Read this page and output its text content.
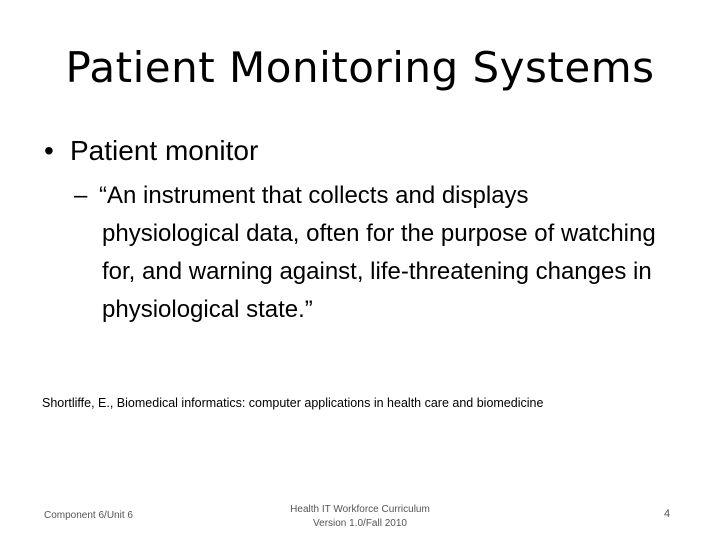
Patient Monitoring Systems
• Patient monitor
– “An instrument that collects and displays physiological data, often for the purpose of watching for, and warning against, life-threatening changes in physiological state.”
Shortliffe, E., Biomedical informatics: computer applications in health care and biomedicine
Component 6/Unit 6
Health IT Workforce Curriculum
Version 1.0/Fall 2010
4
